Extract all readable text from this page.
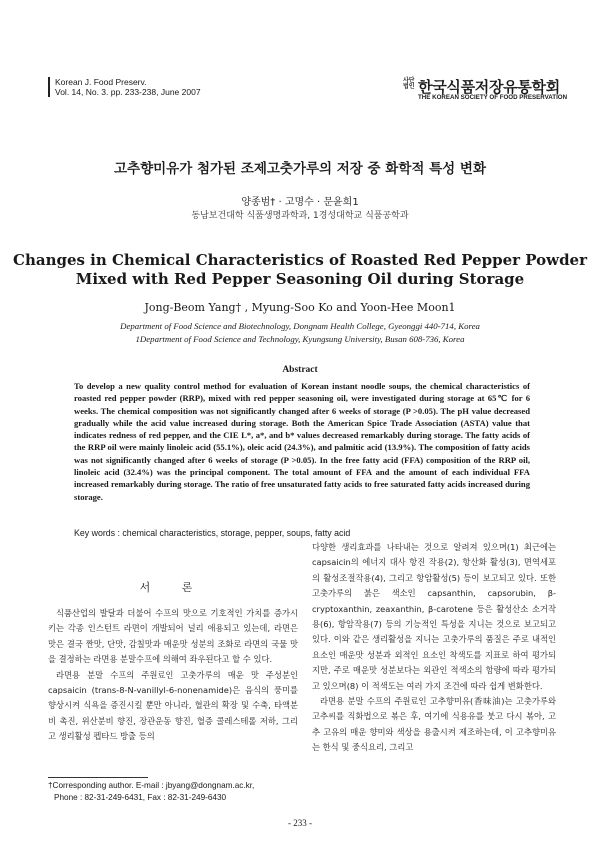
Korean J. Food Preserv.
Vol. 14, No. 3. pp. 233-238, June 2007
사단 법인 한국식품저장유통학회
THE KOREAN SOCIETY OF FOOD PRESERVATION
고추향미유가 첨가된 조제고춧가루의 저장 중 화학적 특성 변화
양종범† · 고명수 · 문윤희1
동남보건대학 식품생명과학과, 1경성대학교 식품공학과
Changes in Chemical Characteristics of Roasted Red Pepper Powder
Mixed with Red Pepper Seasoning Oil during Storage
Jong-Beom Yang† , Myung-Soo Ko and Yoon-Hee Moon1
Department of Food Science and Biotechnology, Dongnam Health College, Gyeonggi 440-714, Korea
1Department of Food Science and Technology, Kyungsung University, Busan 608-736, Korea
Abstract
To develop a new quality control method for evaluation of Korean instant noodle soups, the chemical characteristics of roasted red pepper powder (RRP), mixed with red pepper seasoning oil, were investigated during storage at 65℃ for 6 weeks. The chemical composition was not significantly changed after 6 weeks of storage (P >0.05). The pH value decreased gradually while the acid value increased during storage. Both the American Spice Trade Association (ASTA) value that indicates redness of red pepper, and the CIE L*, a*, and b* values decreased remarkably during storage. The fatty acids of the RRP oil were mainly linoleic acid (55.1%), oleic acid (24.3%), and palmitic acid (13.9%). The composition of fatty acids was not significantly changed after 6 weeks of storage (P >0.05). In the free fatty acid (FFA) composition of the RRP oil, linoleic acid (32.4%) was the principal component. The total amount of FFA and the amount of each individual FFA increased remarkably during storage. The ratio of free unsaturated fatty acids to free saturated fatty acids increased during storage.
Key words : chemical characteristics, storage, pepper, soups, fatty acid
서 론

식품산업의 발달과 더불어 수프의 맛으로 기호적인 가치를 증가시키는 각종 인스턴트 라면이 개발되어 널리 애용되고 있는데, 라면은 맛은 결국 짠맛, 단맛, 감칠맛과 매운맛 성분의 조화로 라면의 국물 맛을 결정하는 라면용 분말수프에 의해여 좌우된다고 할 수 있다.

라면용 분말 수프의 주원료인 고춧가루의 매운 맛 주성분인 capsaicin (trans-8-N-vanillyl-6-nonenamide)은 음식의 풍미를 향상시켜 식욕을 증진시킬 뿐만 아니라, 혈관의 확장 및 수축, 타액분비 촉진, 위산분비 향진, 장관운동 향진, 혈증 콜레스테롤 저하, 그리고 생리활성 펩타드 방출 등의

다양한 생리효과를 나타내는 것으로 알려져 있으며(1) 최근에는 capsaicin의 에너지 대사 항진 작용(2), 항산화 활성(3), 면역세포의 활성조절작용(4), 그리고 항암활성(5) 등이 보고되고 있다. 또한 고춧가루의 붉은 색소인 capsanthin, capsorubin, β-cryptoxanthin, zeaxanthin, β-carotene 등은 활성산소 소거작용(6), 항암작용(7) 등의 기능적인 특성을 지니는 것으로 보고되고 있다. 이와 같은 생리활성을 지니는 고춧가루의 품질은 주로 내적인 요소인 매운맛 성분과 외적인 요소인 착색도를 지표로 하여 평가되지만, 주로 매운맛 성분보다는 외관인 적색소의 함량에 따라 평가되고 있으며(8) 이 적색도는 여러 가지 조건에 따라 쉽게 변화한다.

라면용 분말 수프의 주원료인 고추향미유(香味油)는 고춧가루와 고추씨를 직화법으로 볶은 후, 여기에 식용유를 붓고 다시 볶아, 고추 고유의 매운 향미와 색상을 용출시켜 제조하는데, 이 고추향미유는 한식 및 중식요리, 그리고

†Corresponding author. E-mail : jbyang@dongnam.ac.kr,
Phone : 82-31-249-6431, Fax : 82-31-249-6430
- 233 -
